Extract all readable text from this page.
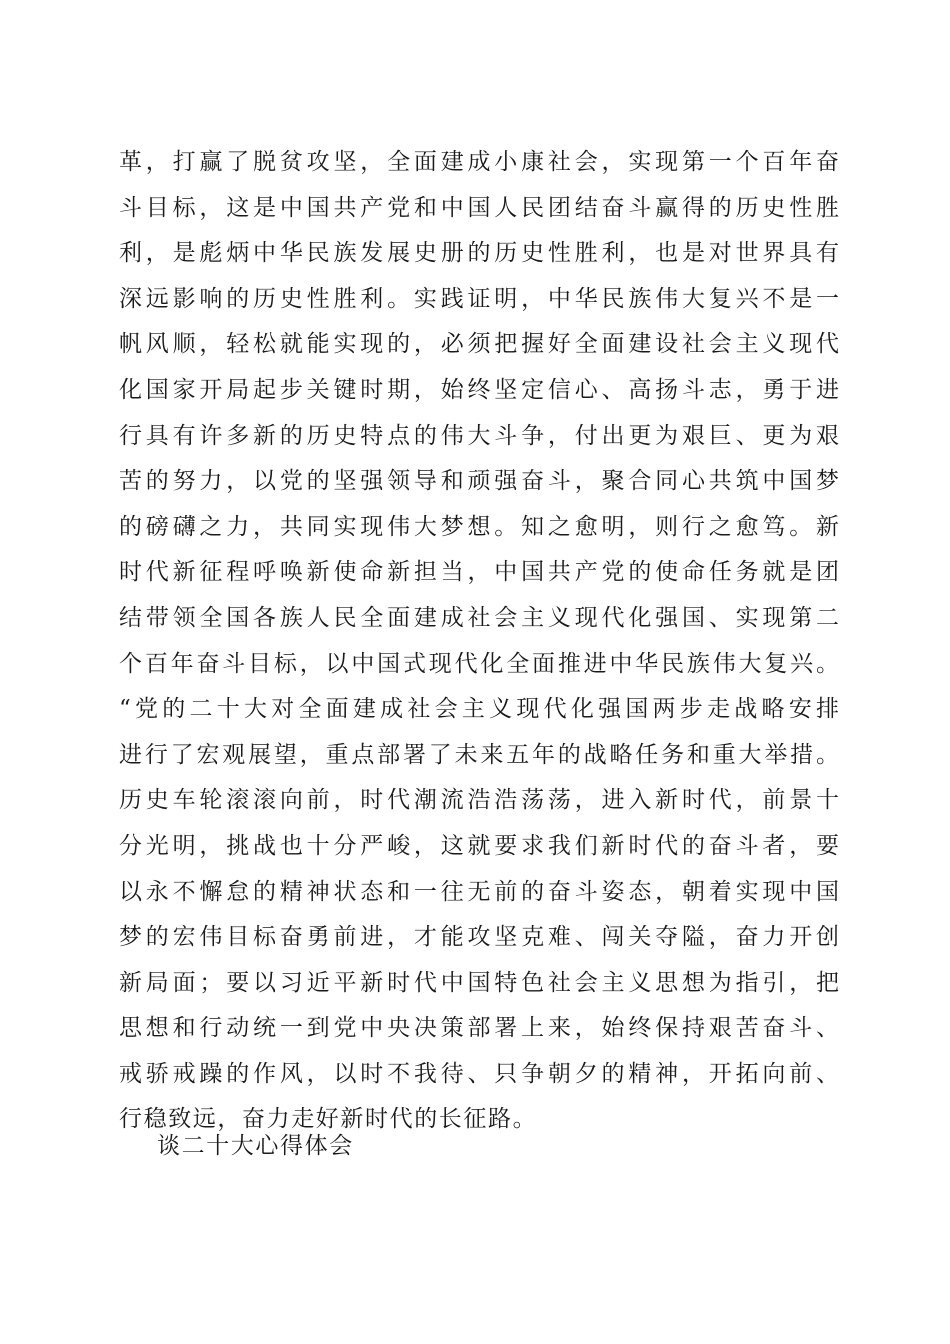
革，打赢了脱贫攻坚，全面建成小康社会，实现第一个百年奋
斗目标，这是中国共产党和中国人民团结奋斗赢得的历史性胜
利，是彪炳中华民族发展史册的历史性胜利，也是对世界具有
深远影响的历史性胜利。实践证明，中华民族伟大复兴不是一
帆风顺，轻松就能实现的，必须把握好全面建设社会主义现代
化国家开局起步关键时期，始终坚定信心、高扬斗志，勇于进
行具有许多新的历史特点的伟大斗争，付出更为艰巨、更为艰
苦的努力，以党的坚强领导和顽强奋斗，聚合同心共筑中国梦
的磅礴之力，共同实现伟大梦想。知之愈明，则行之愈笃。新
时代新征程呼唤新使命新担当，中国共产党的使命任务就是团
结带领全国各族人民全面建成社会主义现代化强国、实现第二
个百年奋斗目标，以中国式现代化全面推进中华民族伟大复兴。
“党的二十大对全面建成社会主义现代化强国两步走战略安排
进行了宏观展望，重点部署了未来五年的战略任务和重大举措。
历史车轮滚滚向前，时代潮流浩浩荡荡，进入新时代，前景十
分光明，挑战也十分严峻，这就要求我们新时代的奋斗者，要
以永不懈怠的精神状态和一往无前的奋斗姿态，朝着实现中国
梦的宏伟目标奋勇前进，才能攻坚克难、闯关夺隘，奋力开创
新局面；要以习近平新时代中国特色社会主义思想为指引，把
思想和行动统一到党中央决策部署上来，始终保持艰苦奋斗、
戒骄戒躁的作风，以时不我待、只争朝夕的精神，开拓向前、
行稳致远，奋力走好新时代的长征路。

谈二十大心得体会
